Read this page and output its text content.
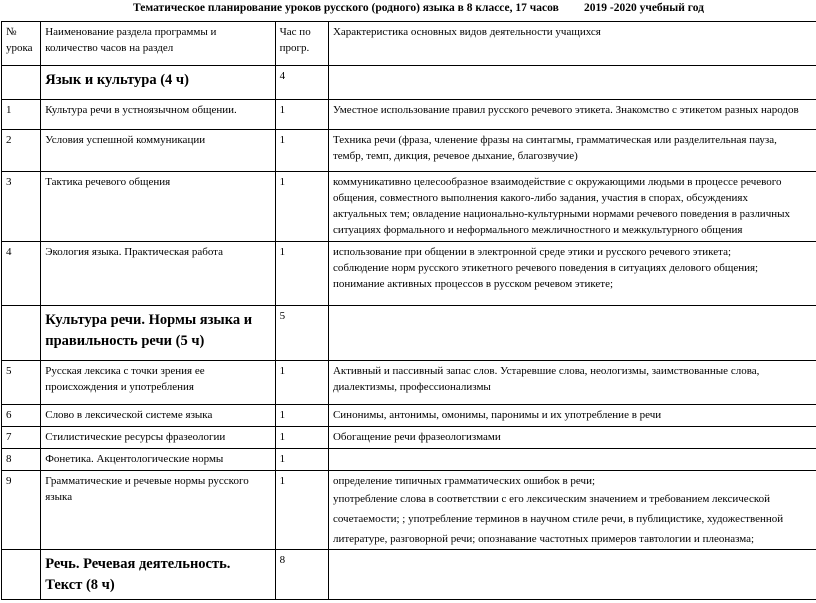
Тематическое планирование уроков русского (родного) языка в 8 классе, 17 часов 2019 -2020 учебный год
№ урока	Наименование раздела программы и количество часов на раздел	Час по прогр.	Характеристика основных видов деятельности учащихся
	Язык и культура (4 ч)	4	
1	Культура речи в устноязычном общении.	1	Уместное использование правил русского речевого этикета. Знакомство с этикетом разных народов

2	Условия успешной коммуникации	1	Техника речи (фраза, членение фразы на синтагмы, грамматическая или разделительная пауза,
тембр, темп, дикция, речевое дыхание, благозвучие)

3	Тактика речевого общения	1	коммуникативно целесообразное взаимодействие с окружающими людьми в процессе речевого
общения, совместного выполнения какого-либо задания, участия в спорах, обсуждениях
актуальных тем; овладение национально-культурными нормами речевого поведения в различных
ситуациях формального и неформального межличностного и межкультурного общения

4	Экология языка. Практическая работа	1	использование при общении в электронной среде этики и русского речевого этикета;
соблюдение норм русского этикетного речевого поведения в ситуациях делового общения;
понимание активных процессов в русском речевом этикете;

	Культура речи. Нормы языка и правильность речи (5 ч)	5	
5	Русская лексика с точки зрения ее происхождения и употребления	1	Активный и пассивный запас слов. Устаревшие слова, неологизмы, заимствованные слова,
диалектизмы, профессионализмы

6	Слово в лексической системе языка	1	Синонимы, антонимы, омонимы, паронимы и их употребление в речи

7	Стилистические ресурсы фразеологии	1	Обогащение речи фразеологизмами

8	Фонетика. Акцентологические нормы	1	
9	Грамматические и речевые нормы русского языка	1	определение типичных грамматических ошибок в речи;
употребление слова в соответствии с его лексическим значением и требованием лексической
сочетаемости; ; употребление терминов в научном стиле речи, в публицистике, художественной
литературе, разговорной речи; опознавание частотных примеров тавтологии и плеоназма;

	Речь. Речевая деятельность. Текст (8 ч)	8	
